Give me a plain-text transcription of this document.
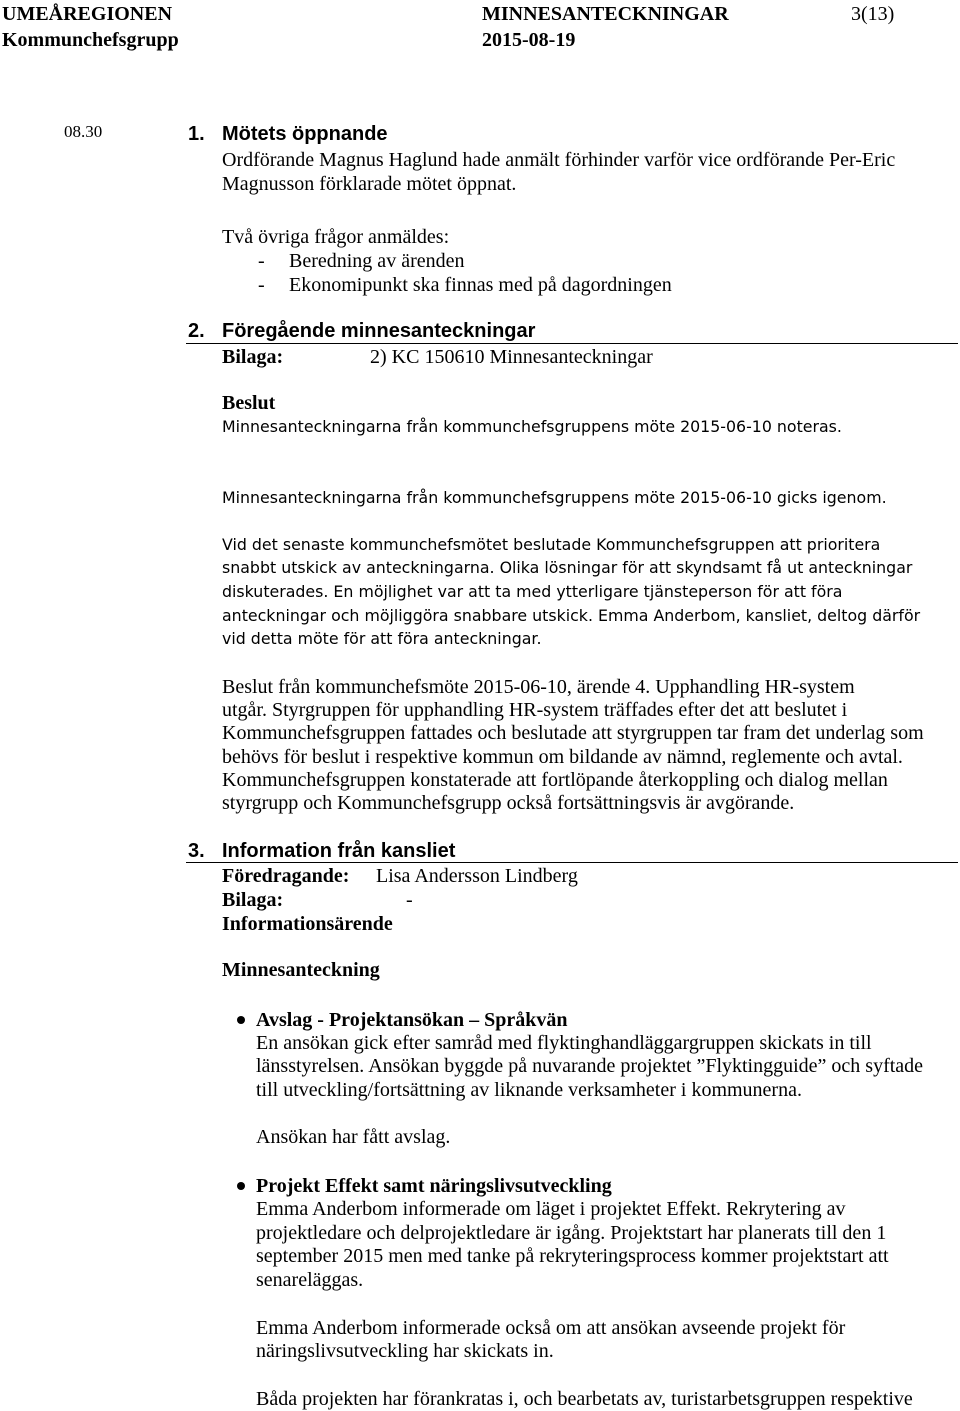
UMEÅREGIONEN	MINNESANTECKNINGAR	3(13)
Kommunchefsgrupp	2015-08-19
08.30	1. Mötets öppnande
Ordförande Magnus Haglund hade anmält förhinder varför vice ordförande Per-Eric
Magnusson förklarade mötet öppnat.
Två övriga frågor anmäldes:
- Beredning av ärenden
- Ekonomipunkt ska finnas med på dagordningen
2. Föregående minnesanteckningar
Bilaga:	2) KC 150610 Minnesanteckningar
Beslut
Minnesanteckningarna från kommunchefsgruppens möte 2015-06-10 noteras.
Minnesanteckningarna från kommunchefsgruppens möte 2015-06-10 gicks igenom.
Vid det senaste kommunchefsmötet beslutade Kommunchefsgruppen att prioritera
snabbt utskick av anteckningarna. Olika lösningar för att skyndsamt få ut anteckningar
diskuterades. En möjlighet var att ta med ytterligare tjänsteperson för att föra
anteckningar och möjliggöra snabbare utskick. Emma Anderbom, kansliet, deltog därför
vid detta möte för att föra anteckningar.
Beslut från kommunchefsmöte 2015-06-10, ärende 4. Upphandling HR-system
utgår. Styrgruppen för upphandling HR-system träffades efter det att beslutet i
Kommunchefsgruppen fattades och beslutade att styrgruppen tar fram det underlag som
behövs för beslut i respektive kommun om bildande av nämnd, reglemente och avtal.
Kommunchefsgruppen konstaterade att fortlöpande återkoppling och dialog mellan
styrgrupp och Kommunchefsgrupp också fortsättningsvis är avgörande.
3. Information från kansliet
Föredragande: Lisa Andersson Lindberg
Bilaga:	-
Informationsärende
Minnesanteckning
Avslag - Projektansökan – Språkvän
En ansökan gick efter samråd med flyktinghandläggargruppen skickats in till
länsstyrelsen. Ansökan byggde på nuvarande projektet ”Flyktingguide” och syftade
till utveckling/fortsättning av liknande verksamheter i kommunerna.
Ansökan har fått avslag.
Projekt Effekt samt näringslivsutveckling
Emma Anderbom informerade om läget i projektet Effekt. Rekrytering av
projektledare och delprojektledare är igång. Projektstart har planerats till den 1
september 2015 men med tanke på rekryteringsprocess kommer projektstart att
senareläggas.
Emma Anderbom informerade också om att ansökan avseende projekt för
näringslivsutveckling har skickats in.
Båda projekten har förankratas i, och bearbetats av, turistarbetsgruppen respektive
